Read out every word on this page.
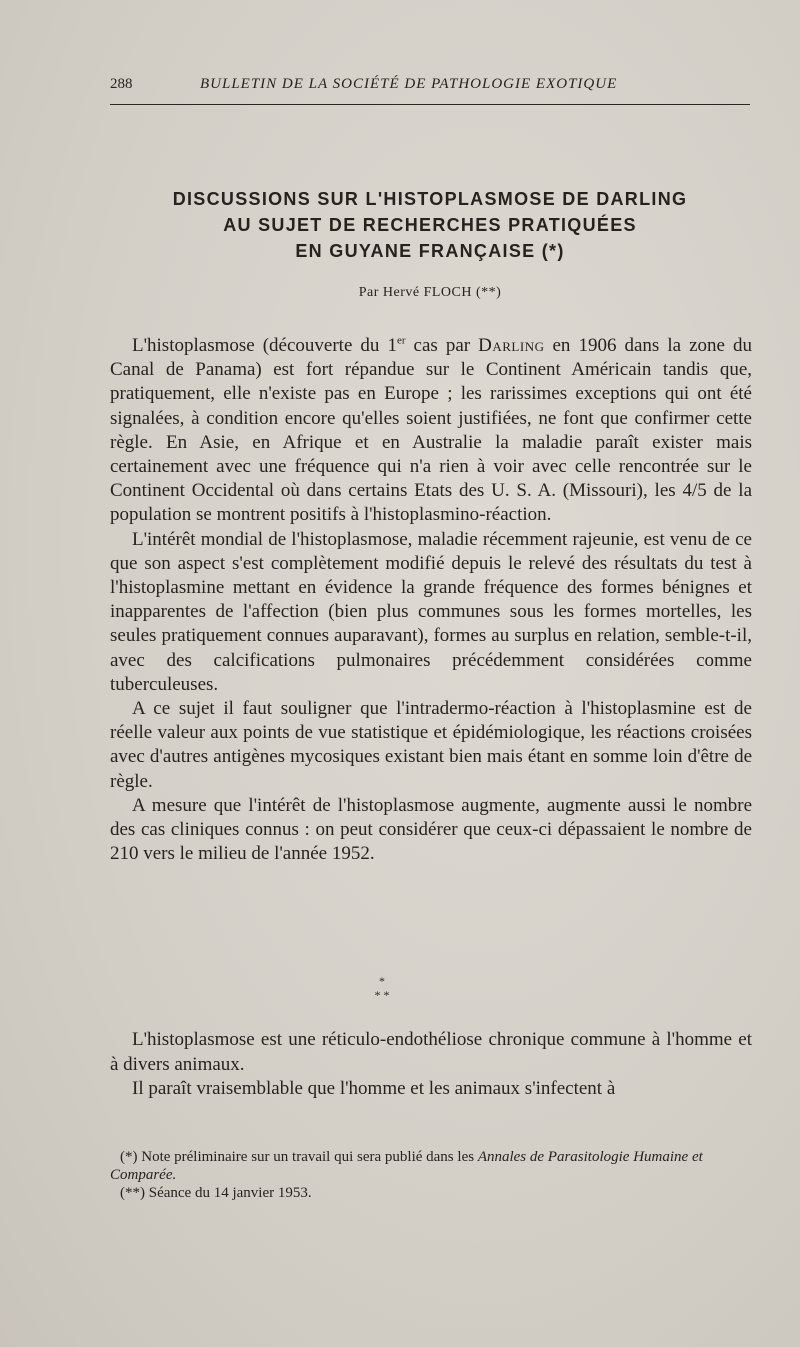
288	BULLETIN DE LA SOCIÉTÉ DE PATHOLOGIE EXOTIQUE
DISCUSSIONS SUR L'HISTOPLASMOSE DE DARLING
AU SUJET DE RECHERCHES PRATIQUÉES
EN GUYANE FRANÇAISE (*)
Par Hervé FLOCH (**)

L'histoplasmose (découverte du 1er cas par Darling en 1906 dans la zone du Canal de Panama) est fort répandue sur le Continent Américain tandis que, pratiquement, elle n'existe pas en Europe ; les rarissimes exceptions qui ont été signalées, à condition encore qu'elles soient justifiées, ne font que confirmer cette règle. En Asie, en Afrique et en Australie la maladie paraît exister mais certainement avec une fréquence qui n'a rien à voir avec celle rencontrée sur le Continent Occidental où dans certains Etats des U. S. A. (Missouri), les 4/5 de la population se montrent positifs à l'histoplasmino-réaction.

L'intérêt mondial de l'histoplasmose, maladie récemment rajeunie, est venu de ce que son aspect s'est complètement modifié depuis le relevé des résultats du test à l'histoplasmine mettant en évidence la grande fréquence des formes bénignes et inapparentes de l'affection (bien plus communes sous les formes mortelles, les seules pratiquement connues auparavant), formes au surplus en relation, semble-t-il, avec des calcifications pulmonaires précédemment considérées comme tuberculeuses.

A ce sujet il faut souligner que l'intradermo-réaction à l'histoplasmine est de réelle valeur aux points de vue statistique et épidémiologique, les réactions croisées avec d'autres antigènes mycosiques existant bien mais étant en somme loin d'être de règle.

A mesure que l'intérêt de l'histoplasmose augmente, augmente aussi le nombre des cas cliniques connus : on peut considérer que ceux-ci dépassaient le nombre de 210 vers le milieu de l'année 1952.

*
* *

L'histoplasmose est une réticulo-endothéliose chronique commune à l'homme et à divers animaux.

Il paraît vraisemblable que l'homme et les animaux s'infectent à

(*) Note préliminaire sur un travail qui sera publié dans les Annales de Parasitologie Humaine et Comparée.

(**) Séance du 14 janvier 1953.
